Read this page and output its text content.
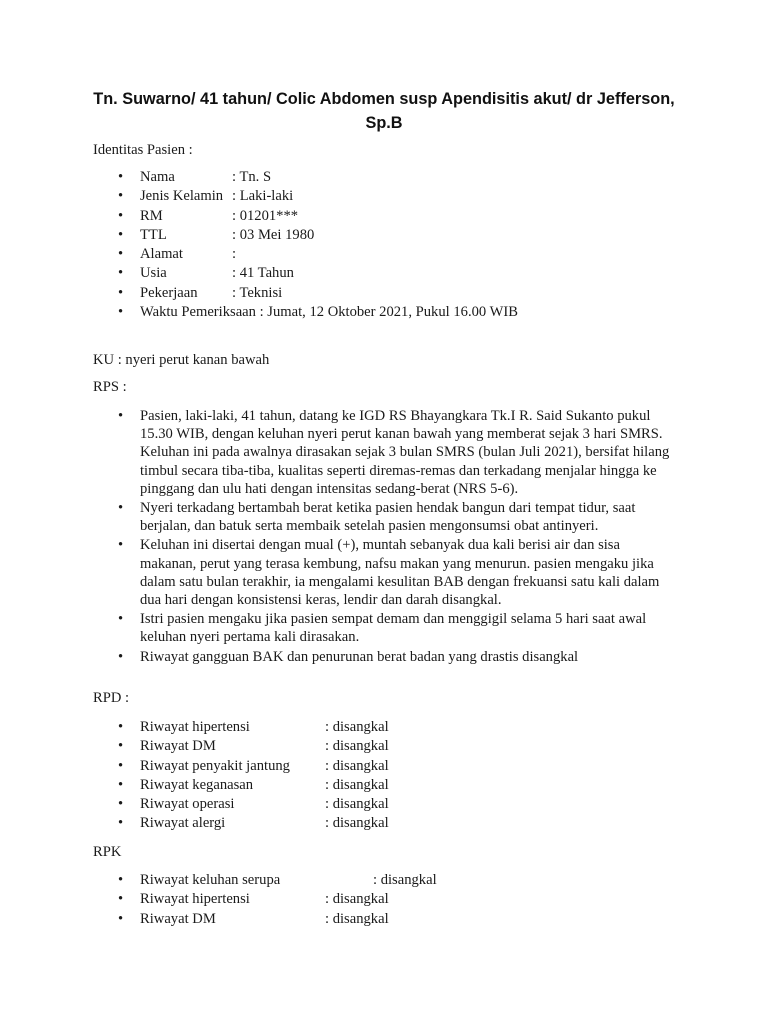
Tn. Suwarno/ 41 tahun/ Colic Abdomen susp Apendisitis akut/ dr Jefferson,
Sp.B
Identitas Pasien :
• Nama	: Tn. S
• Jenis Kelamin : Laki-laki
• RM	: 01201***
• TTL	: 03 Mei 1980
• Alamat	:
• Usia	: 41 Tahun
• Pekerjaan : Teknisi
• Waktu Pemeriksaan : Jumat, 12 Oktober 2021, Pukul 16.00 WIB
KU : nyeri perut kanan bawah
RPS :
• Pasien, laki-laki, 41 tahun, datang ke IGD RS Bhayangkara Tk.I R. Said Sukanto pukul 15.30 WIB, dengan keluhan nyeri perut kanan bawah yang memberat sejak 3 hari SMRS. Keluhan ini pada awalnya dirasakan sejak 3 bulan SMRS (bulan Juli 2021), bersifat hilang timbul secara tiba-tiba, kualitas seperti diremas-remas dan terkadang menjalar hingga ke pinggang dan ulu hati dengan intensitas sedang-berat (NRS 5-6).
• Nyeri terkadang bertambah berat ketika pasien hendak bangun dari tempat tidur, saat berjalan, dan batuk serta membaik setelah pasien mengonsumsi obat antinyeri.
• Keluhan ini disertai dengan mual (+), muntah sebanyak dua kali berisi air dan sisa makanan, perut yang terasa kembung, nafsu makan yang menurun. pasien mengaku jika dalam satu bulan terakhir, ia mengalami kesulitan BAB dengan frekuansi satu kali dalam dua hari dengan konsistensi keras, lendir dan darah disangkal.
• Istri pasien mengaku jika pasien sempat demam dan menggigil selama 5 hari saat awal keluhan nyeri pertama kali dirasakan.
• Riwayat gangguan BAK dan penurunan berat badan yang drastis disangkal
RPD :
• Riwayat hipertensi	: disangkal
• Riwayat DM	: disangkal
• Riwayat penyakit jantung : disangkal
• Riwayat keganasan	: disangkal
• Riwayat operasi	: disangkal
• Riwayat alergi	: disangkal
RPK
• Riwayat keluhan serupa	: disangkal
• Riwayat hipertensi	: disangkal
• Riwayat DM	: disangkal
